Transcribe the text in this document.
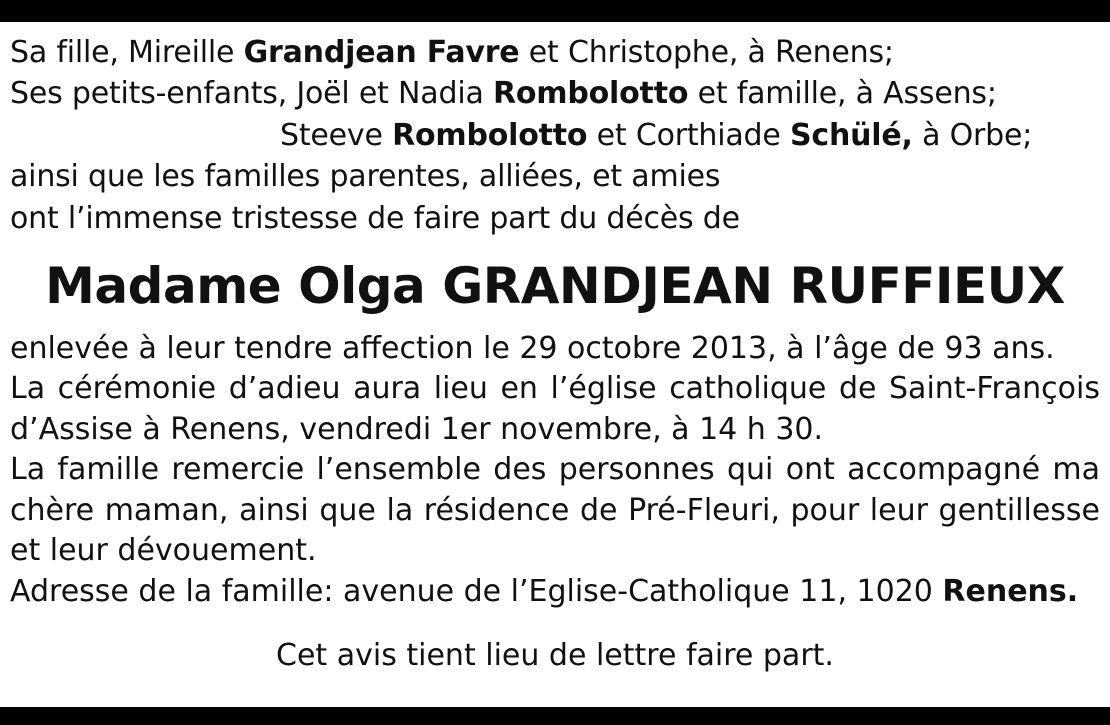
Sa fille, Mireille Grandjean Favre et Christophe, à Renens;
Ses petits-enfants, Joël et Nadia Rombolotto et famille, à Assens;
Steeve Rombolotto et Corthiade Schülé, à Orbe;
ainsi que les familles parentes, alliées, et amies
ont l’immense tristesse de faire part du décès de
Madame Olga GRANDJEAN RUFFIEUX

enlevée à leur tendre affection le 29 octobre 2013, à l’âge de 93 ans.

La cérémonie d’adieu aura lieu en l’église catholique de Saint-François d’Assise à Renens, vendredi 1er novembre, à 14 h 30.

La famille remercie l’ensemble des personnes qui ont accompagné ma chère maman, ainsi que la résidence de Pré-Fleuri, pour leur gentillesse et leur dévouement.

Adresse de la famille: avenue de l’Eglise-Catholique 11, 1020 Renens.

Cet avis tient lieu de lettre faire part.
